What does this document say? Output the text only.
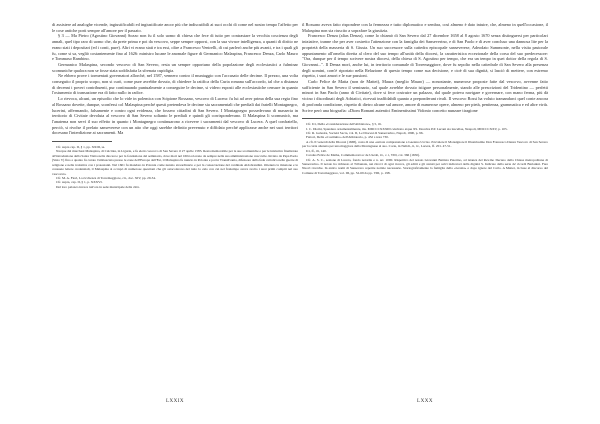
di assistere ad analoghe vicende, ingiustificabili ed ingiustificate ancor più che indiscutibili ai suoi occhi di come nel nostro tempo l'affetto per le cose antiche porti sempre all'amore per il passato.

§ 3 — Ma Pietro (Agostino Giovanni) Sozzo non fu il solo uomo di chiesa che fece di tutto per contrastare la vecchia coscienza degli annali, quel tipo raro di uomo che, da prete prima e poi da vescovo, seppe sempre opporsi, con la sua vivace intelligenza, a quanti di diritto ne erano stati i depositari (ed i conti, pure). Altri vi erano stati e tra essi, oltre a Francesco Ventrelli, di cui parlerò anche più avanti, e tra i quali gli fu, come si sa, vegliò costantemente fino al 1626: ministro lucane le anomale figure di Germanico Malaspina, Francesco Denza, Carlo Mauro e Tommaso Rambino.

Germanico Malaspina, secondo vescovo di San Severo, resta un sempre opportuno della popolazione degli ecclesiastici a fulminar scomuniche qualora non se fosse stata soddisfatta la sfrenata cupidigia.

Ne ebbero prove i tormentati governatori allorché, nel 1587, vennero contro il muniaggio con l'accusato delle decime. Il prezzo, una volta conseguito il proprio scopo, non si curò, come pure avrebbe dovuto, di chiedere la ratifica della Curia romana sull'accordo, tal che a distanza di decenni i poveri contribuenti, pur continuando puntualmente a conseguire le decime, si videro esposti alle ecclesiastiche censure in quanto l'ostumento di transazione era di fatto nullo in radice.

Lo rievoca, alcuni, un episodio che lo vide in polemica con Scipione Rossano, vescovo di Lucera: fu lui ad aver prima della sua regia fino al Rossano dovette, dunque, sconfessi col Malaspina perché questi pretendeva le decime sia sacramentali che prediali dai fratelli Montagnegro, lucerini, affermando, falsamente e contro ogni evidenza, che fossero cittadini di San Severo. I Montagnegro possedevano di masseria in territorio di Civitate devoluta al vescovo di San Severo soltanto le prediali e quindi gli corrispondevano. Il Malaspina li scomunicò, ma l'anatema non servì il suo effetto in quanto i Montagnegro continuarono a ricevere i sacramenti dal vescovo di Lucera. A quel confratello, perciò, si rivolse il prelato sanseverese con un atto che oggi sarebbe definito prevenuto e diffidato perché applicasse anche nei suoi territori docesano l'interdizione ai sacramenti. Ma

Cfr. supra cap. II, § 1, pp. XXIII, ss.

Nacque dal marchesi Malaspina, di Calcinia, in Liguria, e fu eletto vescovo di San Severo il 27 aprile 1583. Resta memorabile per le sue scomuniche e per le iniziative finalizzate all'introduzione della Santa Visita nella diocesi e per la fondazione del seminario, dove morì nel 1604 ed erano da sempre nella sua amministrazione vescovile. Inviato da Papa Paolo (Sisto V) fino a quanto fu curato l'ambasciata presso le zone dell'Europa dell'Est, il Malaspina fu nunzio in Polonia e poi in Transilvania, difensore della fede cattolica nelle guerre di religione e nelle trattative con i protestanti. Nel 1601 fu mandato in Polonia come nunzio straordinario e per la consacrazione del cardinale Aldobrandini. Ottenuta la missione e le consuete lettere credenziali, il Malaspina si occupò di numerose questioni che gli ostacolarono del tutto lo zelo con cui nel frattempo aveva svolto i suoi primi compiti nel suo vescovato.

Cfr. M. A. Fiori, La ricchezza di Torremaggiore, cit., doc. XIV, pp. 29-34.

Cfr. supra, cap. II, § 1, p. XXXVI.

Del loro palazzo invece tutt'ora in sede municipale della città.

il Rossano aveva fatto rispondere con la fermezza e tutto diplomatico e sembra, così almeno è dato intuire, che, almeno in quell'occasione, il Malaspina non sia riuscito a soprafare la giustizia.

Francesco Denza (alias Denza), come lo chiamò di San Severo dal 27 dicembre 1658 al 8 agosto 1670 senza distinguersi per particolari iniziative, tranne che per aver costretto l'attenzione con la famiglia dei Sanseverino, e di San Paolo e di aver concluso una dannosa lite per la proprietà della masseria di S. Giusta. Un suo successore sulla cattedra episcopale sanseverese, Adeodato Summonte, nella visita pastorale appuntamento all'omelia diretta al clero del suo tempo all'unità della diocesi, la caratteristica eccezionale della corsa del suo predecessore: "Ora, dunque per il tempo scrivere nostra diocesi, della chiesa di S. Agostino per tempo, che era un tempo in quei dottor della regola di S. Giovanni...". Il Denza morì, anche lui, in territorio comunale di Torremaggiore, dove fu sepolto nella cattedrale di San Severo alla presenza degli uomini, com'è riportato nella Relazione di questo tempo come sua decisione, e cioè di sua dignità, si lasciò di mettere, con estremo rispetto, i suoi amori e le sue passioni.

Carlo Felice de Matta (non de Mattei), Maura (meglio Mauro) — nonostante, numerose proposte fatte dal vescovo, avvenne fatto sufficiente in San Severo il seminario, sul quale avrebbe dovuto istigare personalmente, stando alle prescrizioni del Tridentino — perfetti minori in San Paolo (anno di Civitate), dove si fece costruire un palazzo, dal quale poteva navigare e governare, con mano ferma, più dà vicino i disordinati degli Adriatici, ricevuti inaffidabili quanto a preponderant rivali. Il vescovo Rossi ha voluto tramandarci quel conte ancora di profonda condizione, rispetto di dietro alcune sul amore, amore di numerose opere, almeno per pietà, penitenza, grammatica e ed altre virtù. Scrive però una biografia: «Diom Romani autentici Eminentissimi Vidonio concetto nunzare tiragione

Cfr. Ivi, Della «Considerazione dell'Abbiatore», § 5, ili.

J. C. Diomi, Spandere ornamentalmente, ms. MDCCCXXXIII celebrato atque XS. Decebre P.P. Lucani sia lascellae, Neapoli, MDCCCXXV, p. 105.

Cfr. R. Galestra, Società Sacra, vol. II, Le Diocesi di Sanseverino, Napoli, 1990, p. 96.

Fattori, Della «Costituito» dell'Abbiatorio, p. 452 s nota 730.

A cfr. Il venerdi della Diocesi (1668), costa di una «tettoia comprensione a Gaetano Ucciso d'avvalere il Monsignore il Illustrissimo Don Francesco Denza Vescovo di San Severo per la curia alienata per una maggiore della Montagnese al suo. Corte, in Nelidi., ii, iv., Lucera, ff. 201. 47-51.

Ivi, ff., ili, 140.

Carolus Felice de Matha, Commemorati ac de Uzzoli, O., c. i, VIII, col. 366 (1650).

Cfr. A. S. C., sezione di Lucera, fondo notarile e n. arr. 1090. Rispettivo del notaio Giovanni Battista Paterino, ad istanza del Rev.mo Decano della Chiesa metropolitana di Sanseverino. Il notaio ha richiesto al Tribunale, nei ritrovi di ogni ricerca, gli editti e gli statuti per salvi indicatori della dignità S. Indicate della serie de' ricordi Barianini. Fare Nuovi ricerche. In antico nomi di Sansevero reperite notizie necessarie. Storiograficamente la famiglia della «Grazia» e dopo ignote del Carlo. A Mattei, in base al discorso del Comune di Torremaggiore, vol. III, pp. 52-69 da pp. VIII, p. 198.

LXXIX	LXXX
